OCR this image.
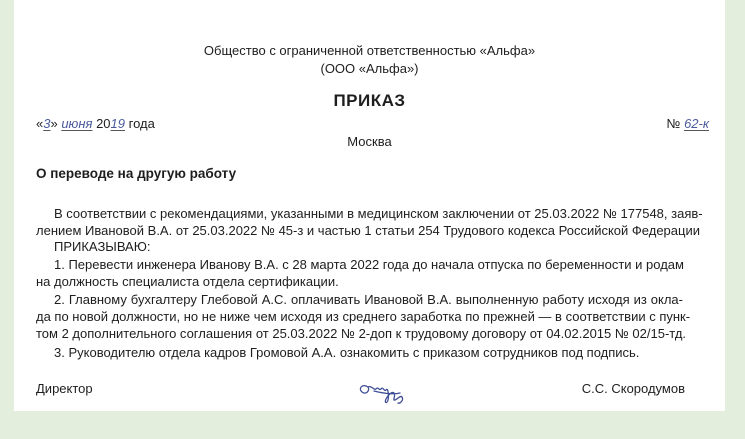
Общество с ограниченной ответственностью «Альфа»
(ООО «Альфа»)
ПРИКАЗ
«3» июня 2019 года	№ 62-к
Москва
О переводе на другую работу
В соответствии с рекомендациями, указанными в медицинском заключении от 25.03.2022 № 177548, заяв-
лением Ивановой В.А. от 25.03.2022 № 45-з и частью 1 статьи 254 Трудового кодекса Российской Федерации
ПРИКАЗЫВАЮ:
1. Перевести инженера Иванову В.А. с 28 марта 2022 года до начала отпуска по беременности и родам
на должность специалиста отдела сертификации.
2. Главному бухгалтеру Глебовой А.С. оплачивать Ивановой В.А. выполненную работу исходя из окла-
да по новой должности, но не ниже чем исходя из среднего заработка по прежней — в соответствии с пунк-
том 2 дополнительного соглашения от 25.03.2022 № 2-доп к трудовому договору от 04.02.2015 № 02/15-тд.
3. Руководителю отдела кадров Громовой А.А. ознакомить с приказом сотрудников под подпись.
Директор	С.С. Скородумов
